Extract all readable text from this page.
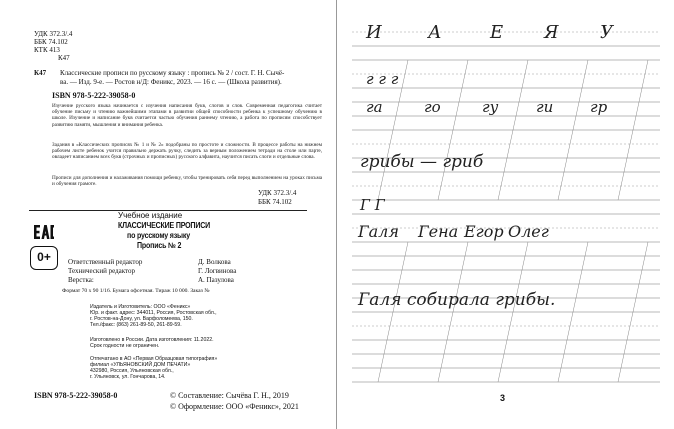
УДК 372.3/.4
ББК 74.102
КТК 413
К47
К47 Классические прописи по русскому языку : пропись № 2 / сост. Г. Н. Сычё-
ва. — Изд. 9-е. — Ростов н/Д: Феникс, 2023. — 16 с. — (Школа развития).
ISBN 978-5-222-39058-0
Изучение русского языка начинается с изучения написания букв, слогов и слов. Современная педагогика считает обучение письму и чтению важнейшими этапами в развитии общей способности ребенка к успешному обучению в школе. Изучение и написание букв считается частью обучения раннему чтению, а работа по прописям способствует развитию памяти, мышления и внимания ребенка.
Задания в «Классических прописях № 1 и № 2» подобраны по простоте и сложности. В процессе работы на нижнем рабочем листе ребенок учится правильно держать ручку, следить за верным положением тетради на столе или парте, овладеет написанием всех букв (строчных и прописных) русского алфавита, научится писать слоги и отдельные слова.
Прописи для дополнения и налаживания помощи ребенку, чтобы тренировать себя перед выполнением на уроках письма и обучения грамоте.
УДК 372.3/.4
ББК 74.102
0+
Учебное издание
КЛАССИЧЕСКИЕ ПРОПИСИ
по русскому языку
Пропись № 2
Ответственный редактор	Д. Волкова
Технический редактор	Г. Логвинова
Верстка:	А. Пазулова
Формат 70 х 90 1/16. Бумага офсетная. Тираж 10 000. Заказ №
Издатель и Изготовитель: ООО «Феникс»
Юр. и факт. адрес: 344011, Россия, Ростовская обл.,
г. Ростов-на-Дону, ул. Варфоломеева, 150.
Тел./факс: (863) 261-89-50, 261-89-59.
Изготовлено в России. Дата изготовления: 11.2022.
Срок годности не ограничен.
Отпечатано в АО «Первая Образцовая типография»
филиал «УЛЬЯНОВСКИЙ ДОМ ПЕЧАТИ»
432980, Россия, Ульяновская обл.,
г. Ульяновск, ул. Гончарова, 14.
ISBN 978-5-222-39058-0	© Составление: Сычёва Г. Н., 2019
© Оформление: ООО «Феникс», 2021
И	А	Е Я У
г г г
га	го	гу	ги гр
грибы — гриб
Г Г
Галя Гена Егор Олег
Галя собирала грибы.
3
